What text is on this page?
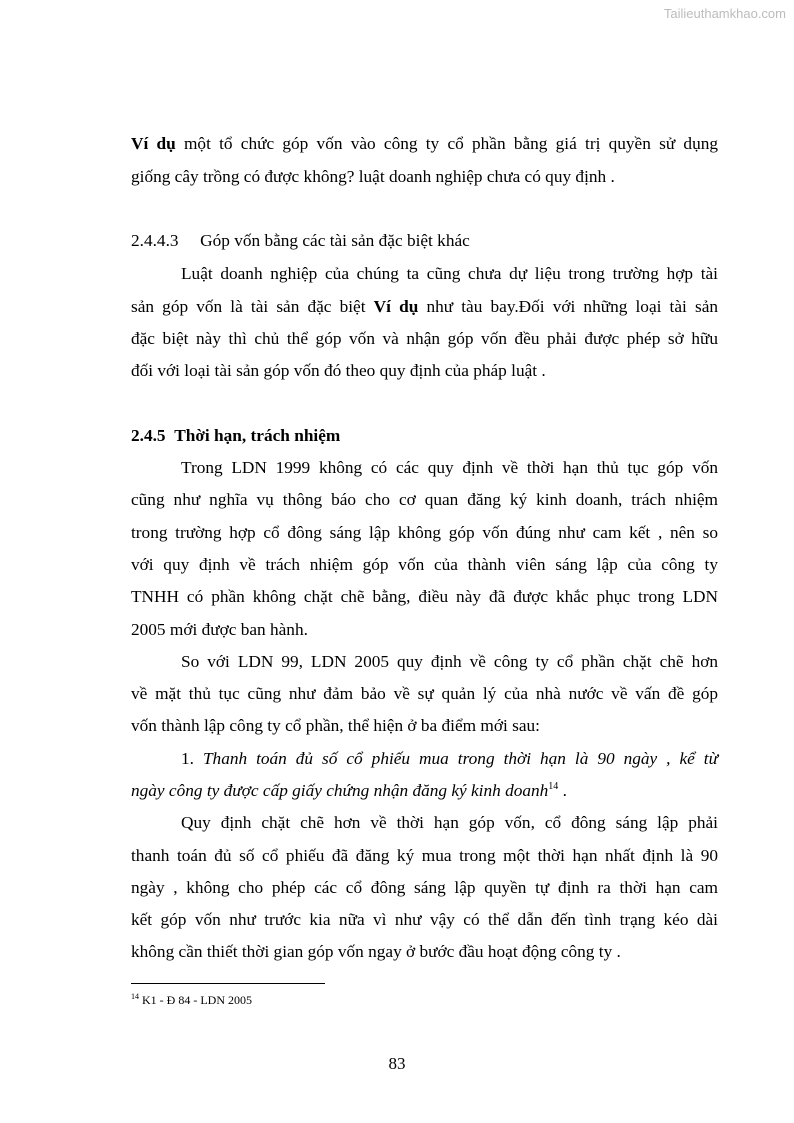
Tailieuthamkhao.com
Ví dụ một tổ chức góp vốn vào công ty cổ phần bằng giá trị quyền sử dụng
giống cây trồng có được không? luật doanh nghiệp chưa có quy định .
2.4.4.3     Góp vốn bằng các tài sản đặc biệt khác
Luật doanh nghiệp của chúng ta cũng chưa dự liệu trong trường hợp tài
sản góp vốn là tài sản đặc biệt Ví dụ như tàu bay.Đối với những loại tài sản
đặc biệt này thì chủ thể góp vốn và nhận góp vốn đều phải được phép sở hữu
đối với loại tài sản góp vốn đó theo quy định của pháp luật .
2.4.5  Thời hạn, trách nhiệm
Trong LDN 1999 không có các quy định về thời hạn thủ tục góp vốn
cũng như nghĩa vụ thông báo cho cơ quan đăng ký kinh doanh, trách nhiệm
trong trường hợp cổ đông sáng lập không góp vốn đúng như cam kết , nên so
với quy định về trách nhiệm góp vốn của thành viên sáng lập của công ty
TNHH có phần không chặt chẽ bằng, điều này đã được khắc phục trong LDN
2005 mới được ban hành.
So với LDN 99, LDN 2005 quy định về công ty cổ phần chặt chẽ hơn
về mặt thủ tục cũng như đảm bảo về sự quản lý của nhà nước về vấn đề góp
vốn thành lập công ty cổ phần, thể hiện ở ba điểm mới sau:
1. Thanh toán đủ số cổ phiếu mua trong thời hạn là 90 ngày , kể từ
ngày công ty được cấp giấy chứng nhận đăng ký kinh doanh$^{14}$ .
Quy định chặt chẽ hơn về thời hạn góp vốn, cổ đông sáng lập phải
thanh toán đủ số cổ phiếu đã đăng ký mua trong một thời hạn nhất định là 90
ngày , không cho phép các cổ đông sáng lập quyền tự định ra thời hạn cam
kết góp vốn như trước kia nữa vì như vậy có thể dẫn đến tình trạng kéo dài
không cần thiết thời gian góp vốn ngay ở bước đầu hoạt động công ty .
$^{14}$ K1 - Đ 84 - LDN 2005
83
